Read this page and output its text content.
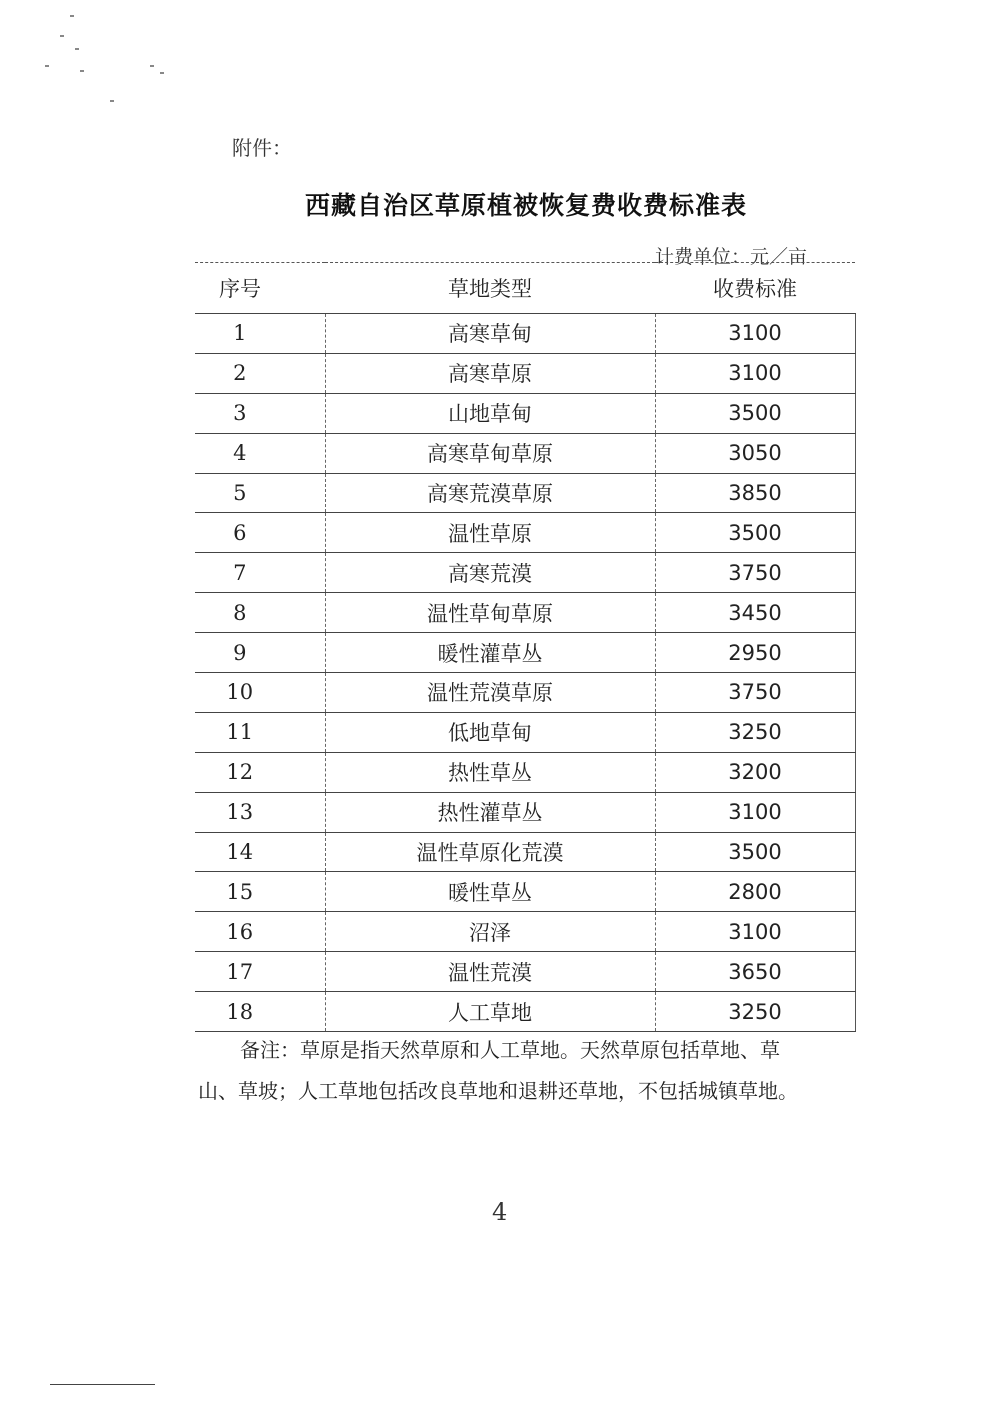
附件：
西藏自治区草原植被恢复费收费标准表
计费单位：元／亩
序号	草地类型	收费标准
1	高寒草甸	3100
2	高寒草原	3100
3	山地草甸	3500
4	高寒草甸草原	3050
5	高寒荒漠草原	3850
6	温性草原	3500
7	高寒荒漠	3750
8	温性草甸草原	3450
9	暖性灌草丛	2950
10	温性荒漠草原	3750
11	低地草甸	3250
12	热性草丛	3200
13	热性灌草丛	3100
14	温性草原化荒漠	3500
15	暖性草丛	2800
16	沼泽	3100
17	温性荒漠	3650
18	人工草地	3250
备注：草原是指天然草原和人工草地。天然草原包括草地、草山、草坡；人工草地包括改良草地和退耕还草地，不包括城镇草地。
4
